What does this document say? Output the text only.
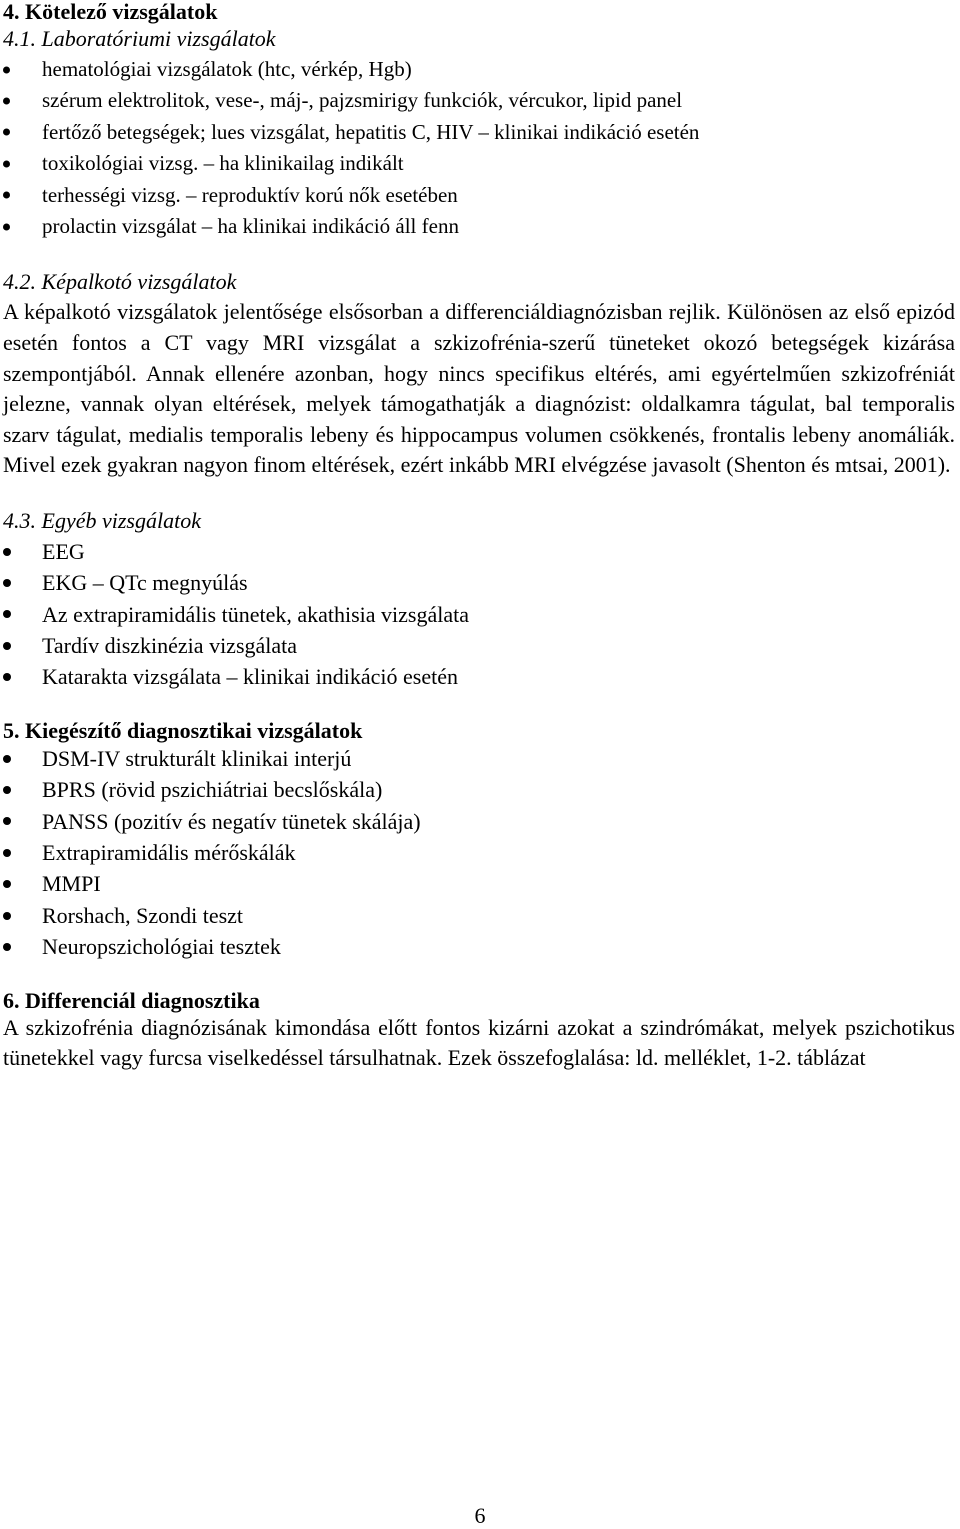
4. Kötelező vizsgálatok
4.1. Laboratóriumi vizsgálatok
hematológiai vizsgálatok (htc, vérkép, Hgb)
szérum elektrolitok, vese-, máj-, pajzsmirigy funkciók, vércukor, lipid panel
fertőző betegségek; lues vizsgálat, hepatitis C, HIV – klinikai indikáció esetén
toxikológiai vizsg. – ha klinikailag indikált
terhességi vizsg. – reproduktív korú nők esetében
prolactin vizsgálat – ha klinikai indikáció áll fenn
4.2. Képalkotó vizsgálatok

A képalkotó vizsgálatok jelentősége elsősorban a differenciáldiagnózisban rejlik. Különösen az első epizód esetén fontos a CT vagy MRI vizsgálat a szkizofrénia-szerű tüneteket okozó betegségek kizárása szempontjából. Annak ellenére azonban, hogy nincs specifikus eltérés, ami egyértelműen szkizofréniát jelezne, vannak olyan eltérések, melyek támogathatják a diagnózist: oldalkamra tágulat, bal temporalis szarv tágulat, medialis temporalis lebeny és hippocampus volumen csökkenés, frontalis lebeny anomáliák. Mivel ezek gyakran nagyon finom eltérések, ezért inkább MRI elvégzése javasolt (Shenton és mtsai, 2001).

4.3. Egyéb vizsgálatok
EEG
EKG – QTc megnyúlás
Az extrapiramidális tünetek, akathisia vizsgálata
Tardív diszkinézia vizsgálata
Katarakta vizsgálata – klinikai indikáció esetén
5. Kiegészítő diagnosztikai vizsgálatok
DSM-IV strukturált klinikai interjú
BPRS (rövid pszichiátriai becslőskála)
PANSS (pozitív és negatív tünetek skálája)
Extrapiramidális mérőskálák
MMPI
Rorshach, Szondi teszt
Neuropszichológiai tesztek
6. Differenciál diagnosztika

A szkizofrénia diagnózisának kimondása előtt fontos kizárni azokat a szindrómákat, melyek pszichotikus tünetekkel vagy furcsa viselkedéssel társulhatnak. Ezek összefoglalása: ld. melléklet, 1-2. táblázat

6
